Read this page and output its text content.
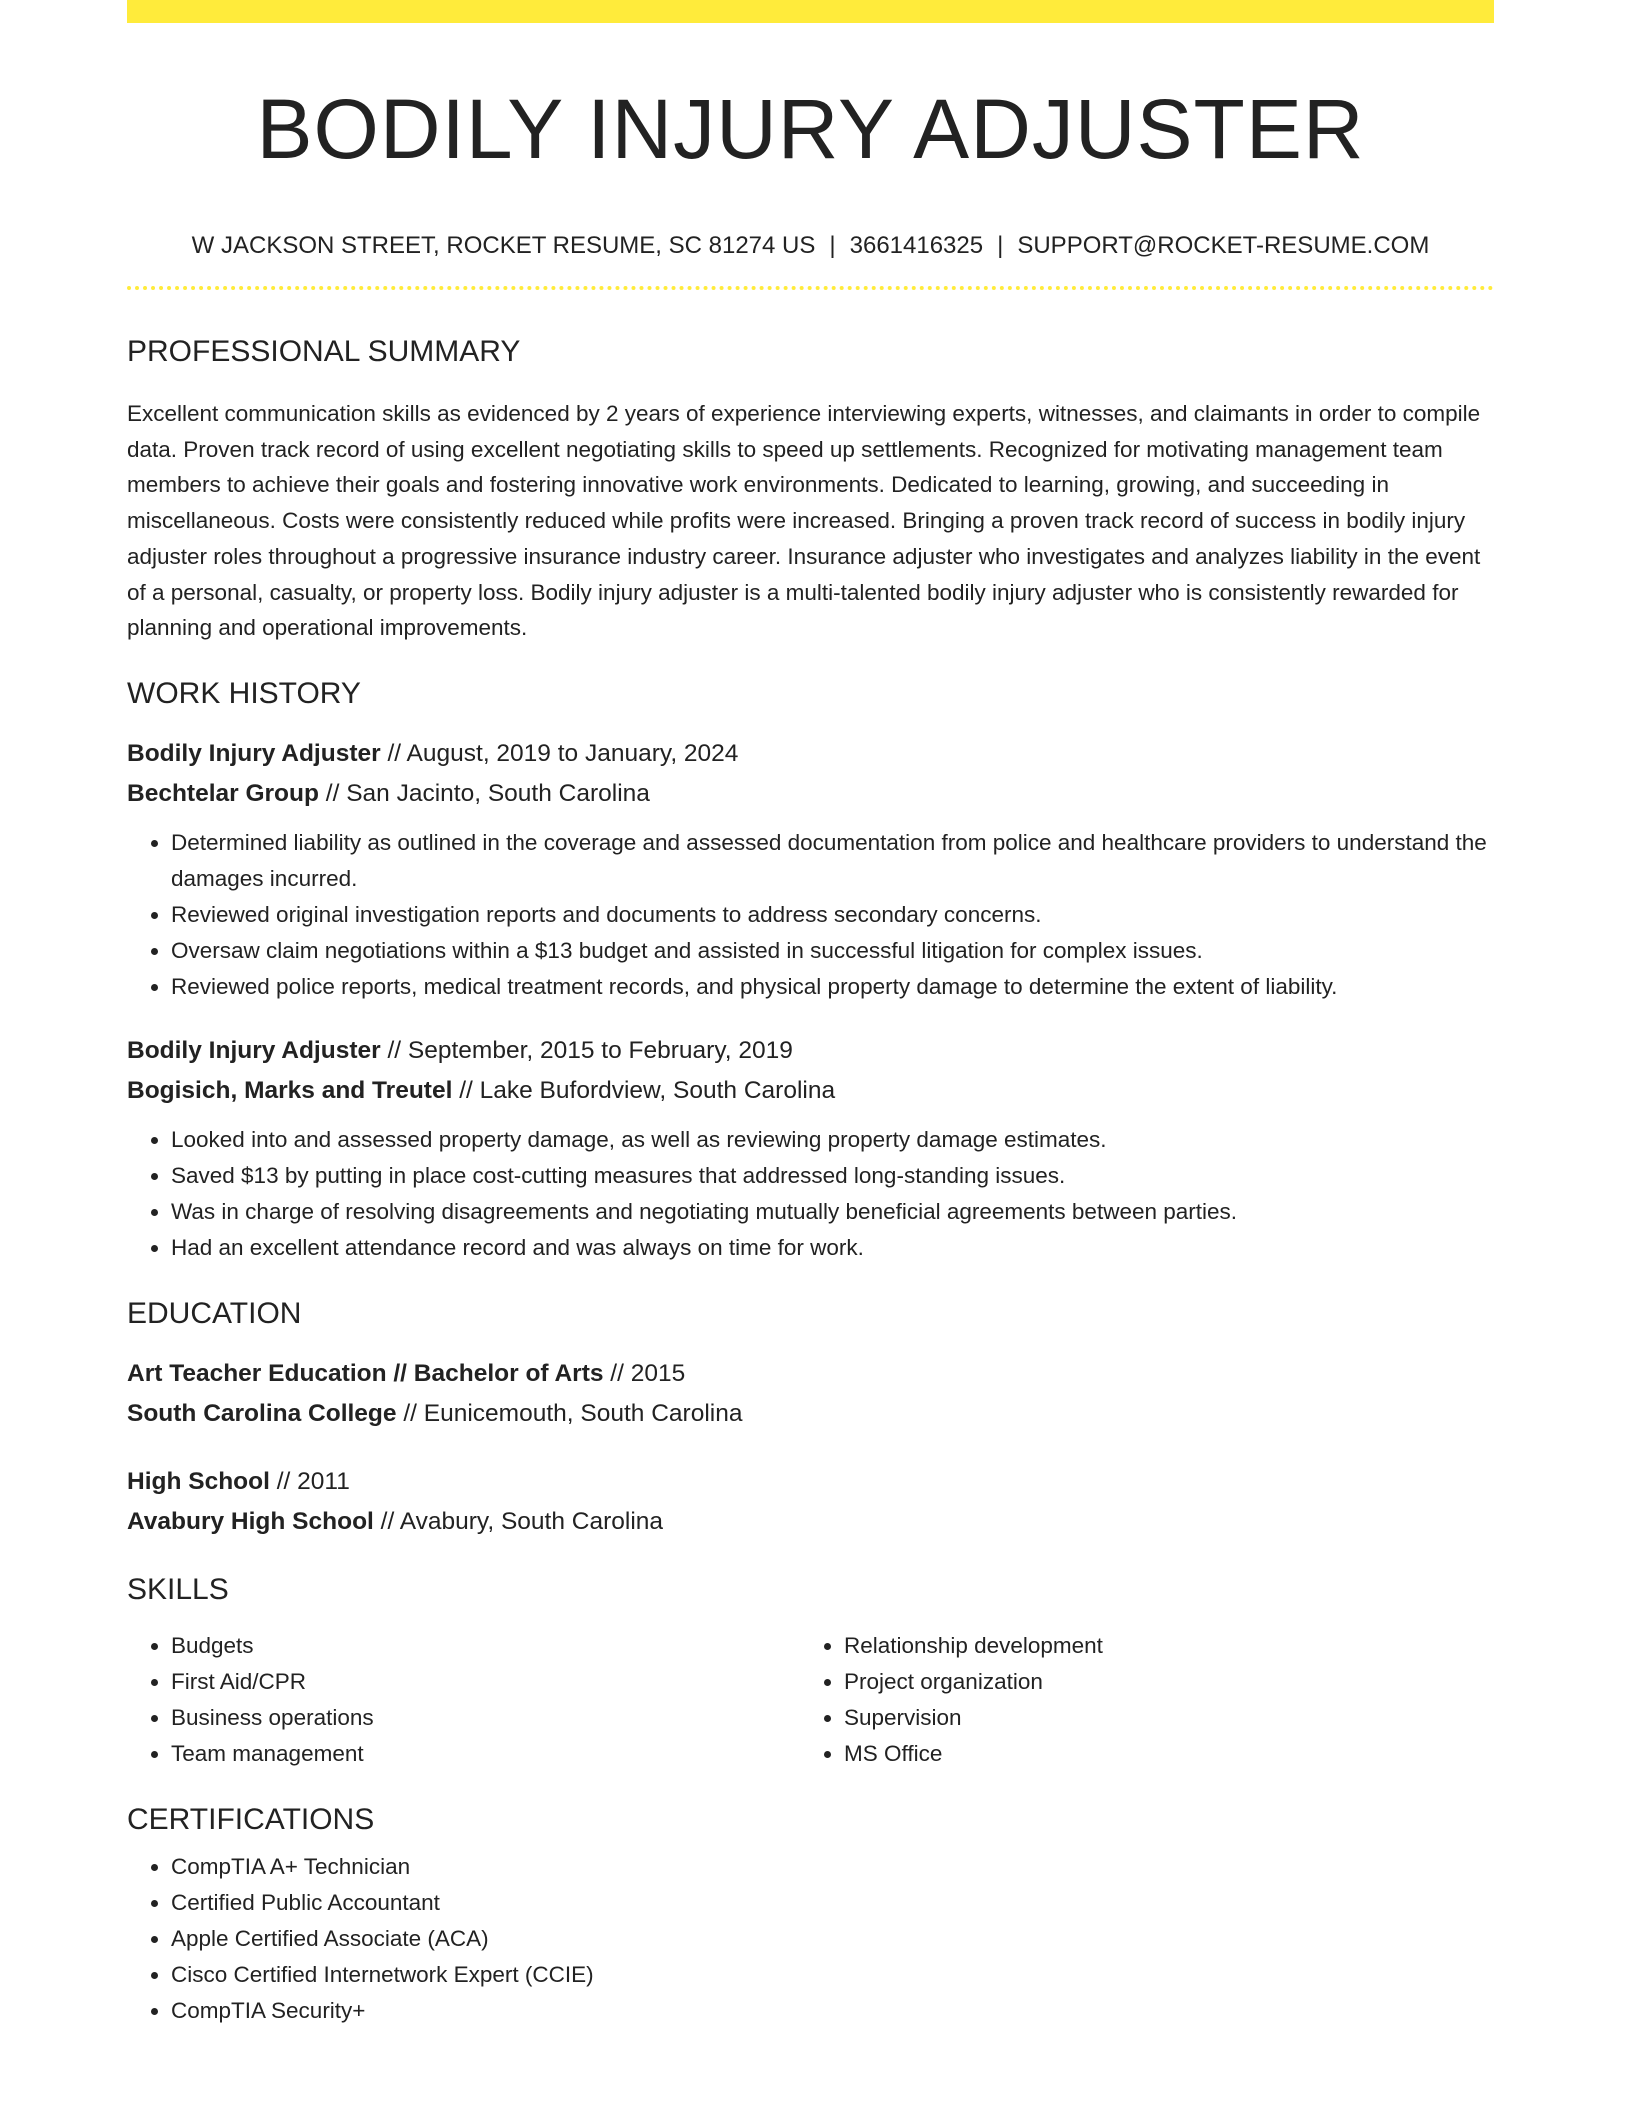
BODILY INJURY ADJUSTER
W JACKSON STREET, ROCKET RESUME, SC 81274 US | 3661416325 | SUPPORT@ROCKET-RESUME.COM
PROFESSIONAL SUMMARY

Excellent communication skills as evidenced by 2 years of experience interviewing experts, witnesses, and claimants in order to compile data. Proven track record of using excellent negotiating skills to speed up settlements. Recognized for motivating management team members to achieve their goals and fostering innovative work environments. Dedicated to learning, growing, and succeeding in miscellaneous. Costs were consistently reduced while profits were increased. Bringing a proven track record of success in bodily injury adjuster roles throughout a progressive insurance industry career. Insurance adjuster who investigates and analyzes liability in the event of a personal, casualty, or property loss. Bodily injury adjuster is a multi-talented bodily injury adjuster who is consistently rewarded for planning and operational improvements.

WORK HISTORY
Bodily Injury Adjuster // August, 2019 to January, 2024
Bechtelar Group // San Jacinto, South Carolina
• Determined liability as outlined in the coverage and assessed documentation from police and healthcare providers to understand the damages incurred.
• Reviewed original investigation reports and documents to address secondary concerns.
• Oversaw claim negotiations within a $13 budget and assisted in successful litigation for complex issues.
• Reviewed police reports, medical treatment records, and physical property damage to determine the extent of liability.
Bodily Injury Adjuster // September, 2015 to February, 2019
Bogisich, Marks and Treutel // Lake Bufordview, South Carolina
• Looked into and assessed property damage, as well as reviewing property damage estimates.
• Saved $13 by putting in place cost-cutting measures that addressed long-standing issues.
• Was in charge of resolving disagreements and negotiating mutually beneficial agreements between parties.
• Had an excellent attendance record and was always on time for work.
EDUCATION
Art Teacher Education // Bachelor of Arts // 2015
South Carolina College // Eunicemouth, South Carolina
High School // 2011
Avabury High School // Avabury, South Carolina
SKILLS
• Budgets
• First Aid/CPR
• Business operations
• Team management
• Relationship development
• Project organization
• Supervision
• MS Office
CERTIFICATIONS
• CompTIA A+ Technician
• Certified Public Accountant
• Apple Certified Associate (ACA)
• Cisco Certified Internetwork Expert (CCIE)
• CompTIA Security+
